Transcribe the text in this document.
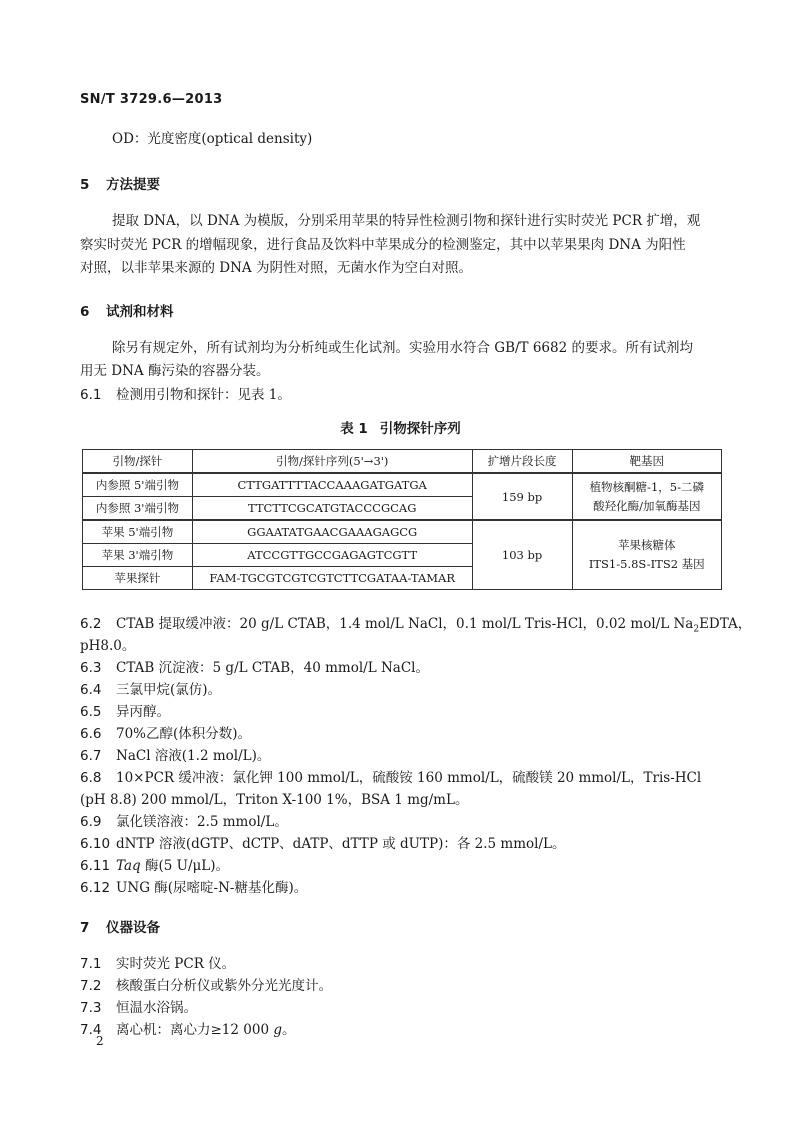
SN/T 3729.6—2013
OD：光度密度(optical density)
5 方法提要
提取 DNA，以 DNA 为模版，分别采用苹果的特异性检测引物和探针进行实时荧光 PCR 扩增，观
察实时荧光 PCR 的增幅现象，进行食品及饮料中苹果成分的检测鉴定，其中以苹果果肉 DNA 为阳性
对照，以非苹果来源的 DNA 为阴性对照，无菌水作为空白对照。
6 试剂和材料
除另有规定外，所有试剂均为分析纯或生化试剂。实验用水符合 GB/T 6682 的要求。所有试剂均
用无 DNA 酶污染的容器分装。
6.1 检测用引物和探针：见表 1。
表 1 引物探针序列
引物/探针	引物/探针序列(5'→3')	扩增片段长度	靶基因
内参照 5'端引物	CTTGATTTTACCAAAGATGATGA	159 bp	植物核酮糖-1，5-二磷
酸羟化酶/加氧酶基因
内参照 3'端引物	TTCTTCGCATGTACCCGCAG		
苹果 5'端引物	GGAATATGAACGAAAGAGCG	103 bp	苹果核糖体
ITS1-5.8S-ITS2 基因
苹果 3'端引物	ATCCGTTGCCGAGAGTCGTT		
苹果探针	FAM-TGCGTCGTCGTCTTCGATAA-TAMAR		
6.2 CTAB 提取缓冲液：20 g/L CTAB，1.4 mol/L NaCl，0.1 mol/L Tris-HCl，0.02 mol/L $Na_2EDTA$，
pH8.0。
6.3 CTAB 沉淀液：5 g/L CTAB，40 mmol/L NaCl。
6.4 三氯甲烷(氯仿)。
6.5 异丙醇。
6.6 70%乙醇(体积分数)。
6.7 NaCl 溶液(1.2 mol/L)。
6.8 10×PCR 缓冲液：氯化钾 100 mmol/L，硫酸铵 160 mmol/L，硫酸镁 20 mmol/L，Tris-HCl
(pH 8.8) 200 mmol/L，Triton X-100 1%，BSA 1 mg/mL。
6.9 氯化镁溶液：2.5 mmol/L。
6.10 dNTP 溶液(dGTP、dCTP、dATP、dTTP 或 dUTP)：各 2.5 mmol/L。
6.11 Taq 酶(5 U/μL)。
6.12 UNG 酶(尿嘧啶-N-糖基化酶)。
7 仪器设备
7.1 实时荧光 PCR 仪。
7.2 核酸蛋白分析仪或紫外分光光度计。
7.3 恒温水浴锅。
7.4 离心机：离心力≥12 000 g。
2
